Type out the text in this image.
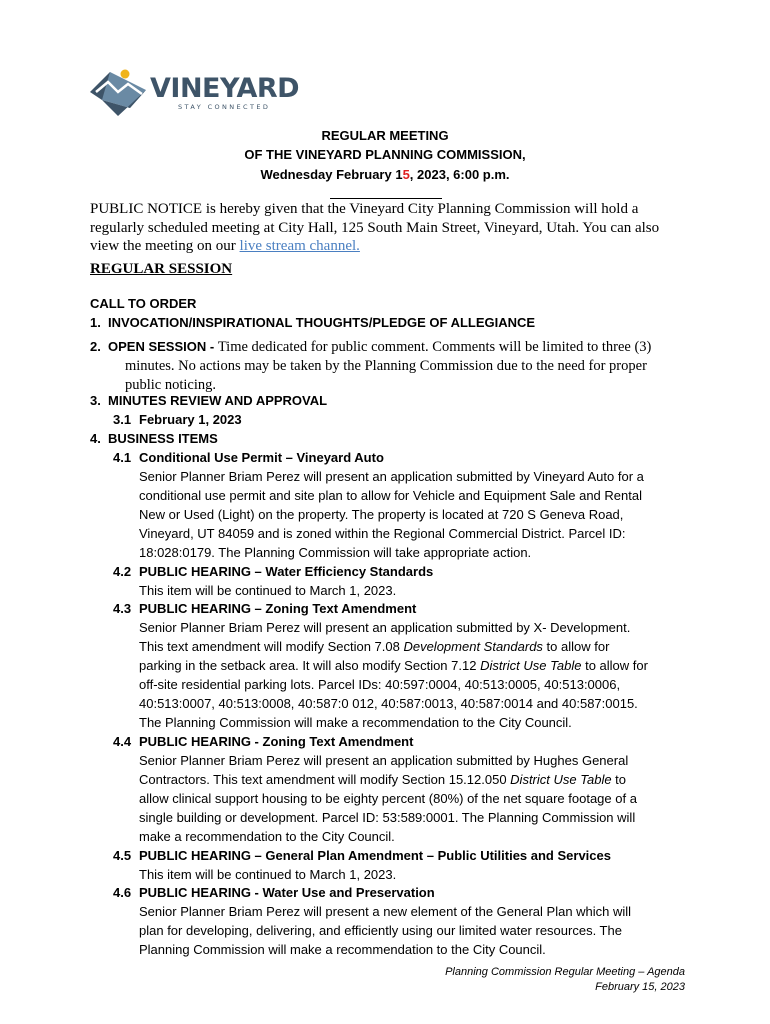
VINEYARD
STAY CONNECTED
REGULAR MEETING
OF THE VINEYARD PLANNING COMMISSION,
Wednesday February 15, 2023, 6:00 p.m.
PUBLIC NOTICE is hereby given that the Vineyard City Planning Commission will hold a regularly scheduled meeting at City Hall, 125 South Main Street, Vineyard, Utah. You can also view the meeting on our live stream channel.
REGULAR SESSION
CALL TO ORDER
1. INVOCATION/INSPIRATIONAL THOUGHTS/PLEDGE OF ALLEGIANCE
2. OPEN SESSION - Time dedicated for public comment. Comments will be limited to three (3)
minutes. No actions may be taken by the Planning Commission due to the need for proper
public noticing.
3. MINUTES REVIEW AND APPROVAL
3.1 February 1, 2023
4. BUSINESS ITEMS
4.1 Conditional Use Permit – Vineyard Auto
Senior Planner Briam Perez will present an application submitted by Vineyard Auto for a
conditional use permit and site plan to allow for Vehicle and Equipment Sale and Rental
New or Used (Light) on the property. The property is located at 720 S Geneva Road,
Vineyard, UT 84059 and is zoned within the Regional Commercial District. Parcel ID:
18:028:0179. The Planning Commission will take appropriate action.
4.2 PUBLIC HEARING – Water Efficiency Standards
This item will be continued to March 1, 2023.
4.3 PUBLIC HEARING – Zoning Text Amendment
Senior Planner Briam Perez will present an application submitted by X- Development.
This text amendment will modify Section 7.08 Development Standards to allow for
parking in the setback area. It will also modify Section 7.12 District Use Table to allow for
off-site residential parking lots. Parcel IDs: 40:597:0004, 40:513:0005, 40:513:0006,
40:513:0007, 40:513:0008, 40:587:0 012, 40:587:0013, 40:587:0014 and 40:587:0015.
The Planning Commission will make a recommendation to the City Council.
4.4 PUBLIC HEARING - Zoning Text Amendment
Senior Planner Briam Perez will present an application submitted by Hughes General
Contractors. This text amendment will modify Section 15.12.050 District Use Table to
allow clinical support housing to be eighty percent (80%) of the net square footage of a
single building or development. Parcel ID: 53:589:0001. The Planning Commission will
make a recommendation to the City Council.
4.5 PUBLIC HEARING – General Plan Amendment – Public Utilities and Services
This item will be continued to March 1, 2023.
4.6 PUBLIC HEARING - Water Use and Preservation
Senior Planner Briam Perez will present a new element of the General Plan which will
plan for developing, delivering, and efficiently using our limited water resources. The
Planning Commission will make a recommendation to the City Council.
Planning Commission Regular Meeting – Agenda
February 15, 2023
